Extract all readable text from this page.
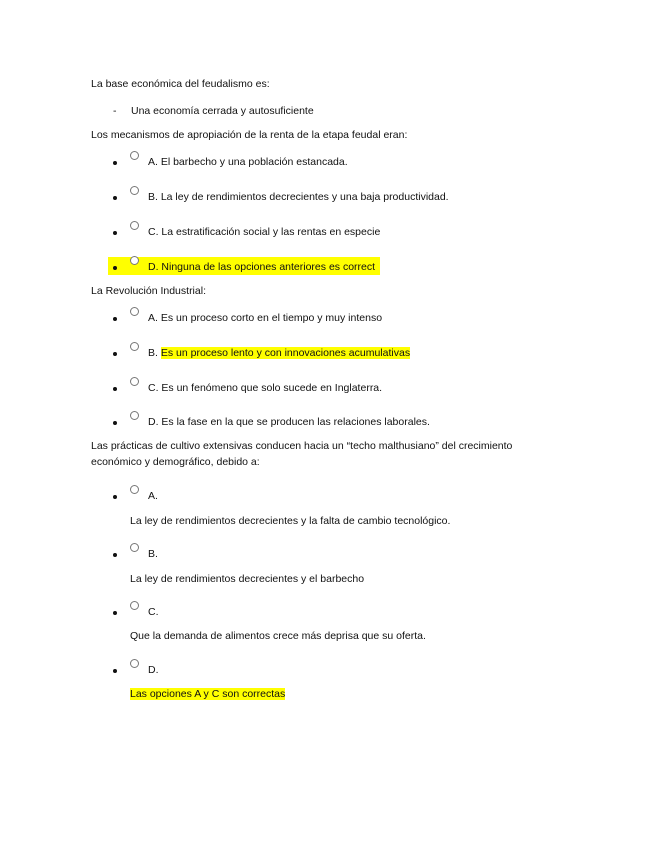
La base económica del feudalismo es:
- Una economía cerrada y autosuficiente
Los mecanismos de apropiación de la renta de la etapa feudal eran:
A. El barbecho y una población estancada.
B. La ley de rendimientos decrecientes y una baja productividad.
C. La estratificación social y las rentas en especie
D. Ninguna de las opciones anteriores es correct
La Revolución Industrial:
A. Es un proceso corto en el tiempo y muy intenso
B. Es un proceso lento y con innovaciones acumulativas
C. Es un fenómeno que solo sucede en Inglaterra.
D. Es la fase en la que se producen las relaciones laborales.
Las prácticas de cultivo extensivas conducen hacia un “techo malthusiano” del crecimiento económico y demográfico, debido a:
A.
La ley de rendimientos decrecientes y la falta de cambio tecnológico.
B.
La ley de rendimientos decrecientes y el barbecho
C.
Que la demanda de alimentos crece más deprisa que su oferta.
D.
Las opciones A y C son correctas
